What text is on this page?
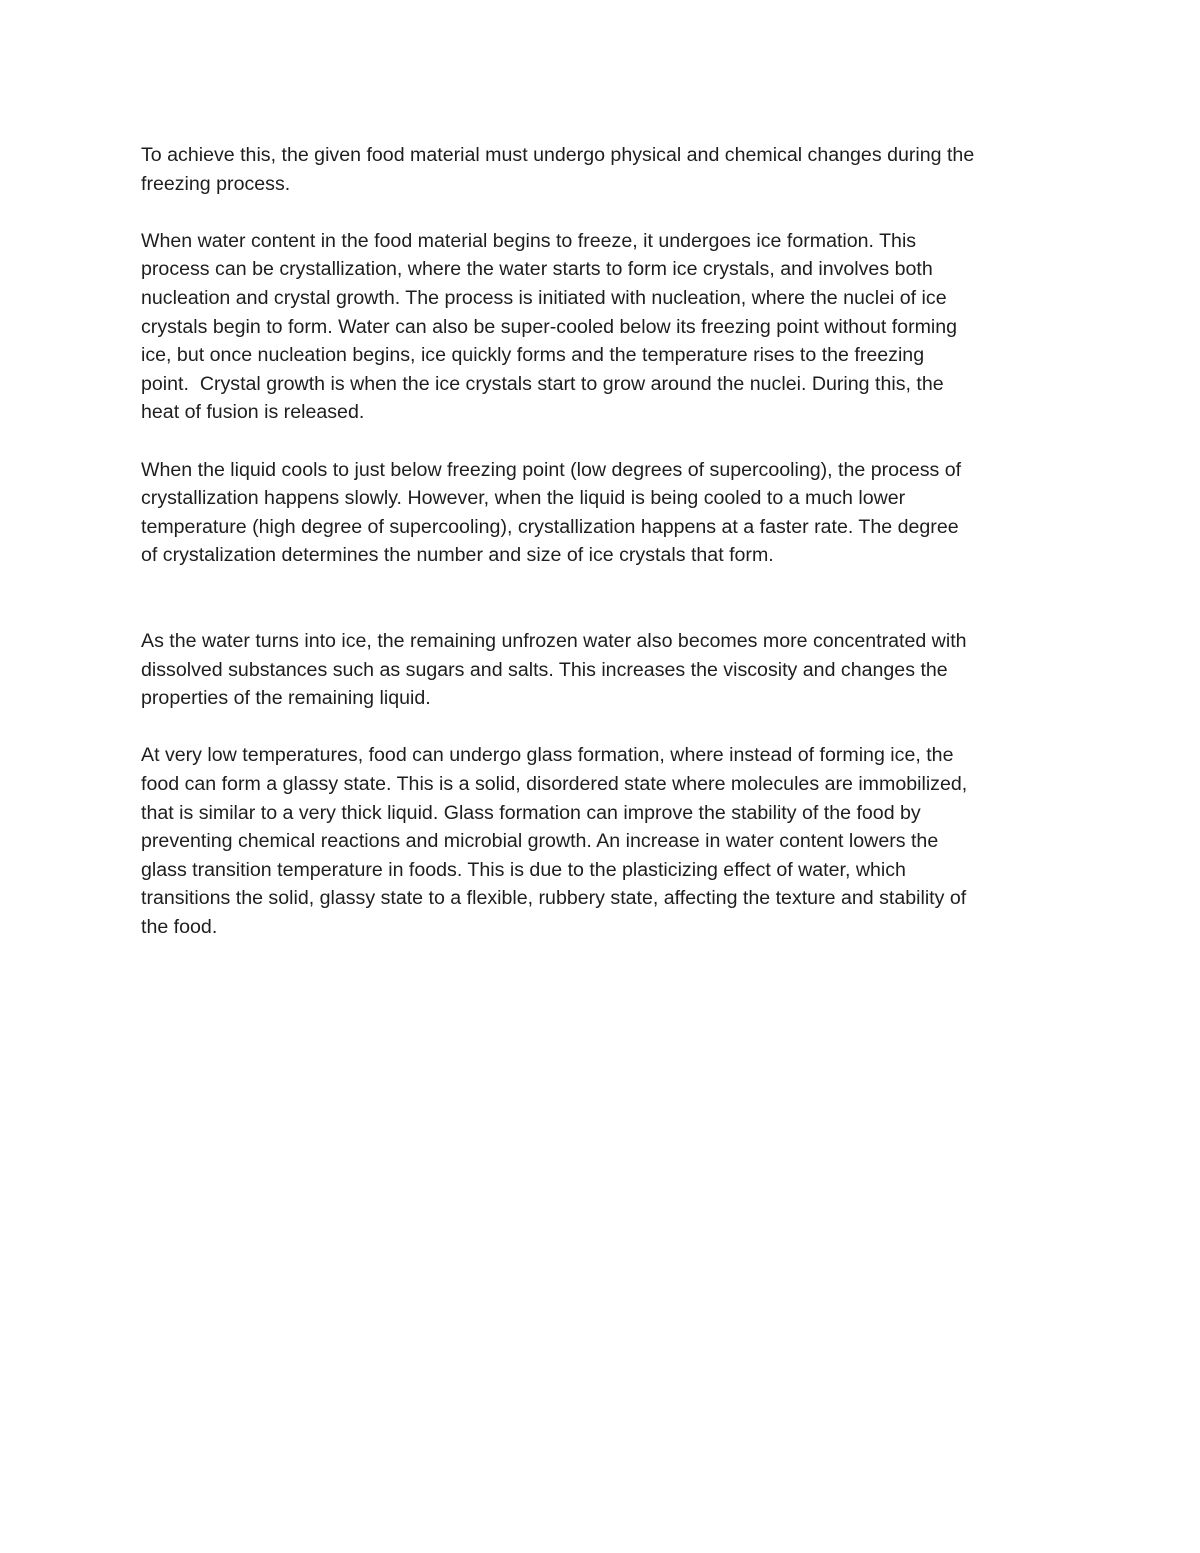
To achieve this, the given food material must undergo physical and chemical changes during the
freezing process.

When water content in the food material begins to freeze, it undergoes ice formation. This
process can be crystallization, where the water starts to form ice crystals, and involves both
nucleation and crystal growth. The process is initiated with nucleation, where the nuclei of ice
crystals begin to form. Water can also be super-cooled below its freezing point without forming
ice, but once nucleation begins, ice quickly forms and the temperature rises to the freezing
point.  Crystal growth is when the ice crystals start to grow around the nuclei. During this, the
heat of fusion is released.

When the liquid cools to just below freezing point (low degrees of supercooling), the process of
crystallization happens slowly. However, when the liquid is being cooled to a much lower
temperature (high degree of supercooling), crystallization happens at a faster rate. The degree
of crystalization determines the number and size of ice crystals that form.

As the water turns into ice, the remaining unfrozen water also becomes more concentrated with
dissolved substances such as sugars and salts. This increases the viscosity and changes the
properties of the remaining liquid.

At very low temperatures, food can undergo glass formation, where instead of forming ice, the
food can form a glassy state. This is a solid, disordered state where molecules are immobilized,
that is similar to a very thick liquid. Glass formation can improve the stability of the food by
preventing chemical reactions and microbial growth. An increase in water content lowers the
glass transition temperature in foods. This is due to the plasticizing effect of water, which
transitions the solid, glassy state to a flexible, rubbery state, affecting the texture and stability of
the food.
